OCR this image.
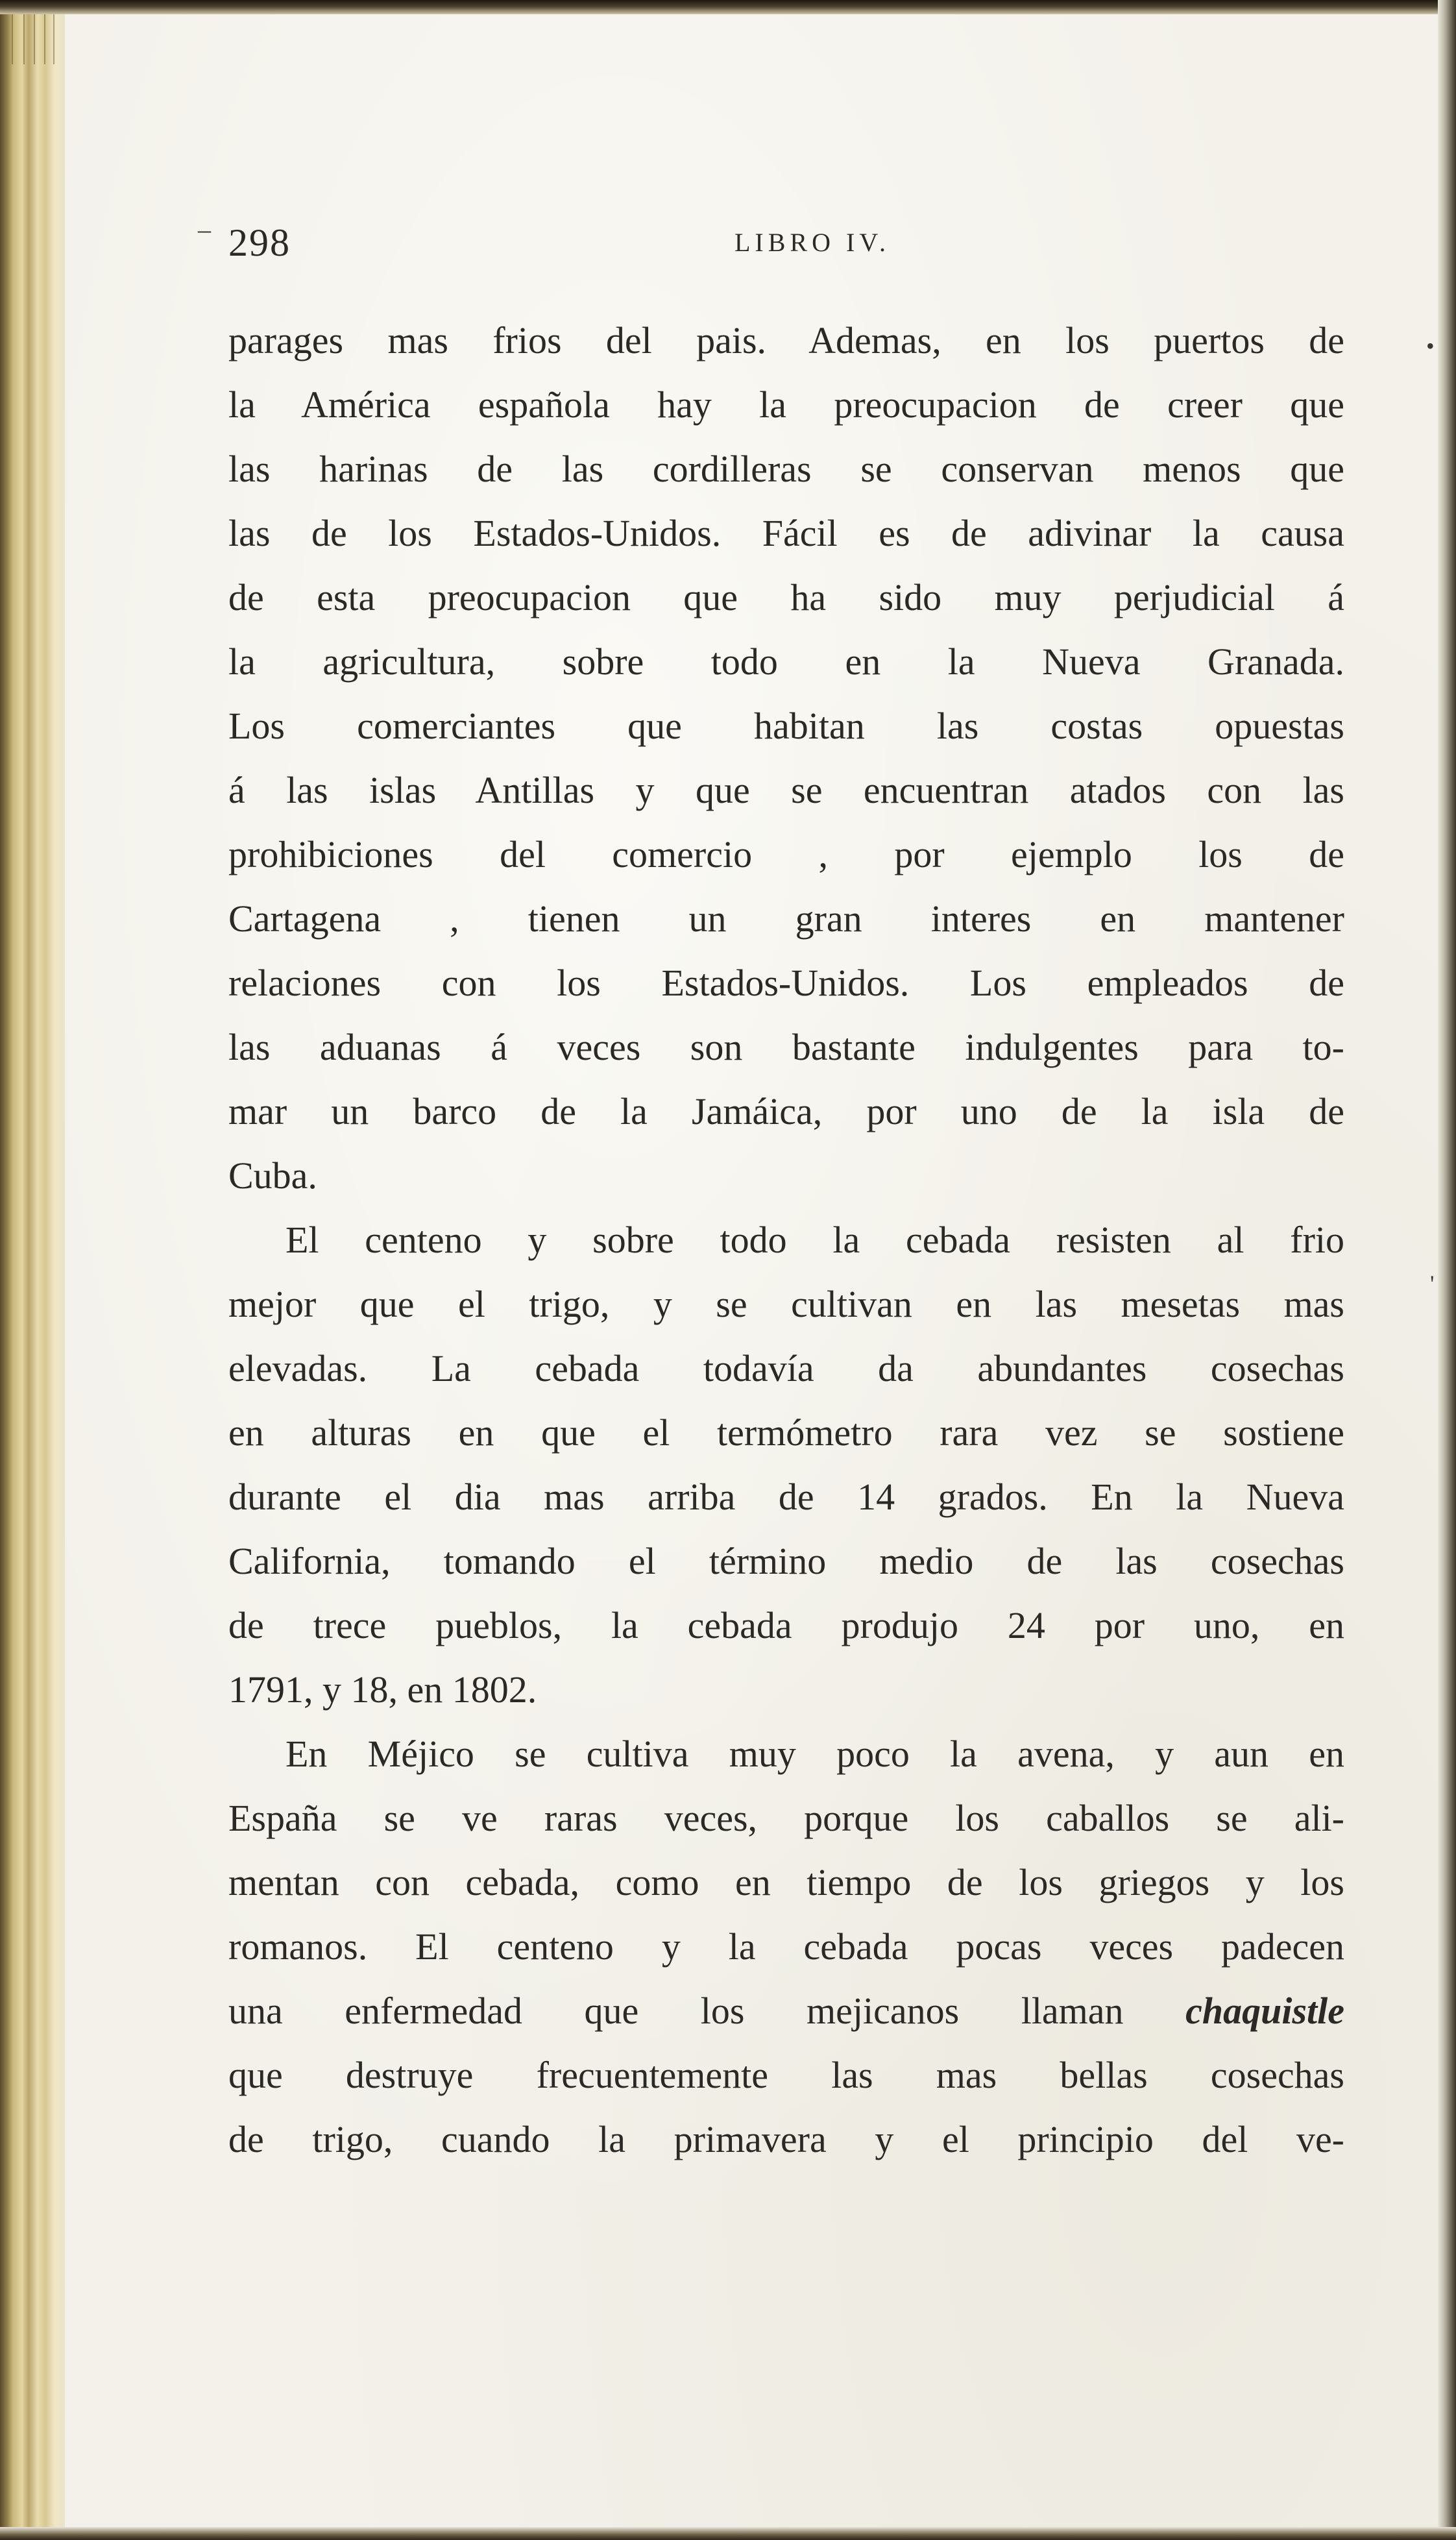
–
•
'
298	LIBRO IV.
parages mas frios del pais. Ademas, en los puertos de
la América española hay la preocupacion de creer que
las harinas de las cordilleras se conservan menos que
las de los Estados-Unidos. Fácil es de adivinar la causa
de esta preocupacion que ha sido muy perjudicial á
la agricultura, sobre todo en la Nueva Granada.
Los comerciantes que habitan las costas opuestas
á las islas Antillas y que se encuentran atados con las
prohibiciones del comercio , por ejemplo los de
Cartagena , tienen un gran interes en mantener
relaciones con los Estados-Unidos. Los empleados de
las aduanas á veces son bastante indulgentes para to-
mar un barco de la Jamáica, por uno de la isla de
Cuba.
El centeno y sobre todo la cebada resisten al frio
mejor que el trigo, y se cultivan en las mesetas mas
elevadas. La cebada todavía da abundantes cosechas
en alturas en que el termómetro rara vez se sostiene
durante el dia mas arriba de 14 grados. En la Nueva
California, tomando el término medio de las cosechas
de trece pueblos, la cebada produjo 24 por uno, en
1791, y 18, en 1802.
En Méjico se cultiva muy poco la avena, y aun en
España se ve raras veces, porque los caballos se ali-
mentan con cebada, como en tiempo de los griegos y los
romanos. El centeno y la cebada pocas veces padecen
una enfermedad que los mejicanos llaman chaquistle
que destruye frecuentemente las mas bellas cosechas
de trigo, cuando la primavera y el principio del ve-
